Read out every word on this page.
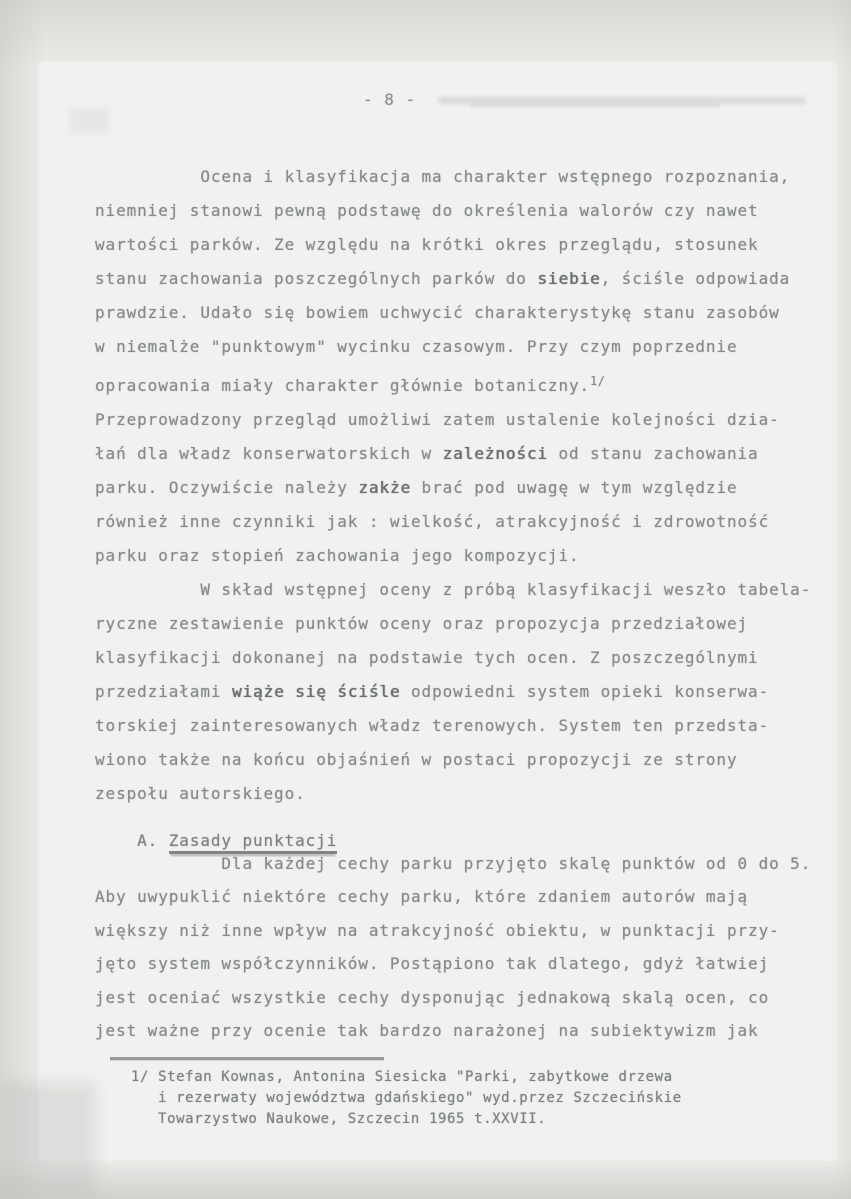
- 8 -
Ocena i klasyfikacja ma charakter wstępnego rozpoznania,
niemniej stanowi pewną podstawę do określenia walorów czy nawet
wartości parków. Ze względu na krótki okres przeglądu, stosunek
stanu zachowania poszczególnych parków do siebie, ściśle odpowiada
prawdzie. Udało się bowiem uchwycić charakterystykę stanu zasobów
w niemalże "punktowym" wycinku czasowym. Przy czym poprzednie
opracowania miały charakter głównie botaniczny.$^{1/}$
Przeprowadzony przegląd umożliwi zatem ustalenie kolejności dzia-
łań dla władz konserwatorskich w zależności od stanu zachowania
parku. Oczywiście należy zakże brać pod uwagę w tym względzie
również inne czynniki jak : wielkość, atrakcyjność i zdrowotność
parku oraz stopień zachowania jego kompozycji.
W skład wstępnej oceny z próbą klasyfikacji weszło tabela-
ryczne zestawienie punktów oceny oraz propozycja przedziałowej
klasyfikacji dokonanej na podstawie tych ocen. Z poszczególnymi
przedziałami wiąże się ściśle odpowiedni system opieki konserwa-
torskiej zainteresowanych władz terenowych. System ten przedsta-
wiono także na końcu objaśnień w postaci propozycji ze strony
zespołu autorskiego.

A. Zasady punktacji

Dla każdej cechy parku przyjęto skalę punktów od 0 do 5.
Aby uwypuklić niektóre cechy parku, które zdaniem autorów mają
większy niż inne wpływ na atrakcyjność obiektu, w punktacji przy-
jęto system współczynników. Postąpiono tak dlatego, gdyż łatwiej
jest oceniać wszystkie cechy dysponując jednakową skalą ocen, co
jest ważne przy ocenie tak bardzo narażonej na subiektywizm jak
1/ Stefan Kownas, Antonina Siesicka "Parki, zabytkowe drzewa
i rezerwaty województwa gdańskiego" wyd.przez Szczecińskie
Towarzystwo Naukowe, Szczecin 1965 t.XXVII.
